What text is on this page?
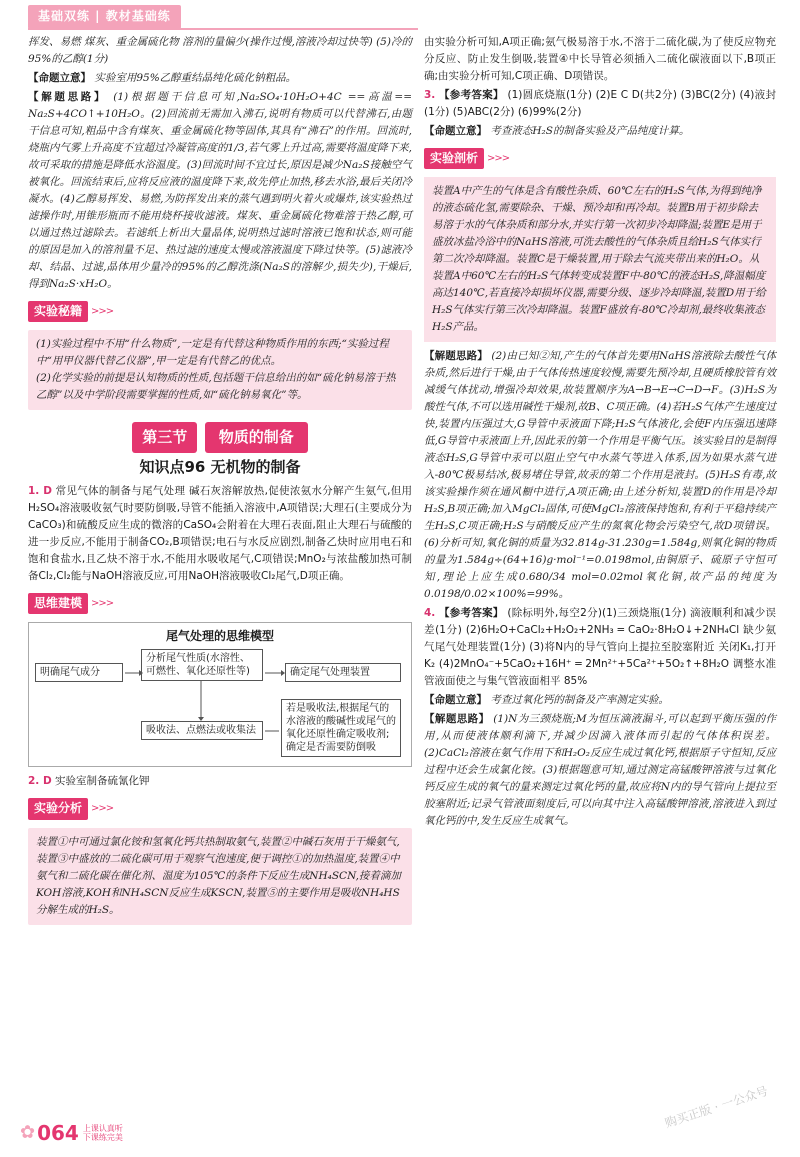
基础双练 | 教材基础练
挥发、易燃 煤灰、重金属硫化物 溶剂的量偏少(操作过慢,溶液冷却过快等) (5)冷的95%的乙醇(1分)
【命题立意】 实验室用95%乙醇重结晶纯化硫化钠粗品。
【解题思路】 (1)根据题干信息可知,Na₂SO₄·10H₂O+4C ==高温== Na₂S+4CO↑+10H₂O。(2)回流前无需加入沸石,说明有物质可以代替沸石,由题干信息可知,粗品中含有煤灰、重金属硫化物等固体,其具有“沸石”的作用。回流时,烧瓶内气雾上升高度不宜超过冷凝管高度的1/3,若气雾上升过高,需要将温度降下来,故可采取的措施是降低水浴温度。(3)回流时间不宜过长,原因是减少Na₂S接触空气被氧化。回流结束后,应将反应液的温度降下来,故先停止加热,移去水浴,最后关闭冷凝水。(4)乙醇易挥发、易燃,为防挥发出来的蒸气遇到明火着火或爆炸,该实验热过滤操作时,用锥形瓶而不能用烧杯接收滤液。煤灰、重金属硫化物难溶于热乙醇,可以通过热过滤除去。若滤纸上析出大量晶体,说明热过滤时溶液已饱和状态,则可能的原因是加入的溶剂量不足、热过滤的速度太慢或溶液温度下降过快等。(5)滤液冷却、结晶、过滤,晶体用少量冷的95%的乙醇洗涤(Na₂S的溶解少,损失少),干燥后,得到Na₂S·xH₂O。
实验秘籍 >>>
(1)实验过程中不用“什么物质”,一定是有代替这种物质作用的东西;“实验过程中“用甲仪器代替乙仪器”,甲一定是有代替乙的优点。
(2)化学实验的前提是认知物质的性质,包括题干信息给出的如“硫化钠易溶于热乙醇”以及中学阶段需要掌握的性质,如“硫化钠易氧化”等。
第三节 物质的制备
知识点96 无机物的制备
1. D 常见气体的制备与尾气处理 碱石灰溶解放热,促使浓氨水分解产生氨气,但用H₂SO₄溶液吸收氨气时要防倒吸,导管不能插入溶液中,A项错误;大理石(主要成分为CaCO₃)和硫酸反应生成的微溶的CaSO₄会附着在大理石表面,阻止大理石与硫酸的进一步反应,不能用于制备CO₂,B项错误;电石与水反应剧烈,制备乙炔时应用电石和饱和食盐水,且乙炔不溶于水,不能用水吸收尾气,C项错误;MnO₂与浓盐酸加热可制备Cl₂,Cl₂能与NaOH溶液反应,可用NaOH溶液吸收Cl₂尾气,D项正确。
思维建模 >>>
尾气处理的思维模型
明确尾气成分
分析尾气性质(水溶性、可燃性、氧化还原性等)	确定尾气处理装置
吸收法、点燃法或收集法
若是吸收法,根据尾气的水溶液的酸碱性或尾气的氧化还原性确定吸收剂;确定是否需要防倒吸
2. D 实验室制备硫氰化钾
实验分析 >>>
装置①中可通过氯化铵和氢氧化钙共热制取氨气,装置②中碱石灰用于干燥氨气,装置③中盛放的二硫化碳可用于观察气泡速度,便于调控①的加热温度,装置④中氨气和二硫化碳在催化剂、温度为105℃的条件下反应生成NH₄SCN,接着滴加KOH溶液,KOH和NH₄SCN反应生成KSCN,装置⑤的主要作用是吸收NH₄HS分解生成的H₂S。
由实验分析可知,A项正确;氨气极易溶于水,不溶于二硫化碳,为了使反应物充分反应、防止发生倒吸,装置④中长导管必须插入二硫化碳液面以下,B项正确;由实验分析可知,C项正确、D项错误。
3. 【参考答案】 (1)圆底烧瓶(1分) (2)E C D(共2分) (3)BC(2分) (4)液封(1分) (5)ABC(2分) (6)99%(2分)
【命题立意】 考查液态H₂S的制备实验及产品纯度计算。
实验剖析 >>>
装置A中产生的气体是含有酸性杂质、60℃左右的H₂S气体,为得到纯净的液态硫化氢,需要除杂、干燥、预冷却和再冷却。装置B用于初步除去易溶于水的气体杂质和部分水,并实行第一次初步冷却降温;装置E是用于盛放冰盐冷浴中的NaHS溶液,可洗去酸性的气体杂质且给H₂S气体实行第二次冷却降温。装置C是干燥装置,用于除去气流夹带出来的H₂O。从装置A中60℃左右的H₂S气体转变成装置F中-80℃的液态H₂S,降温幅度高达140℃,若直接冷却损坏仪器,需要分级、逐步冷却降温,装置D用于给H₂S气体实行第三次冷却降温。装置F盛放有-80℃冷却剂,最终收集液态H₂S产品。
【解题思路】 (2)由已知②知,产生的气体首先要用NaHS溶液除去酸性气体杂质,然后进行干燥,由于气体传热速度较慢,需要先预冷却,且硬质橡胶管有效减缓气体扰动,增强冷却效果,故装置顺序为A→B→E→C→D→F。(3)H₂S为酸性气体,不可以选用碱性干燥剂,故B、C项正确。(4)若H₂S气体产生速度过快,装置内压强过大,G导管中汞液面下降;H₂S气体液化,会使F内压强迅速降低,G导管中汞液面上升,因此汞的第一个作用是平衡气压。该实验目的是制得液态H₂S,G导管中汞可以阻止空气中水蒸气等进入体系,因为如果水蒸气进入-80℃极易结冰,极易堵住导管,故汞的第二个作用是液封。(5)H₂S有毒,故该实验操作须在通风橱中进行,A项正确;由上述分析知,装置D的作用是冷却H₂S,B项正确;加入MgCl₂固体,可使MgCl₂溶液保持饱和,有利于平稳持续产生H₂S,C项正确;H₂S与硝酸反应产生的氮氧化物会污染空气,故D项错误。(6)分析可知,氧化铜的质量为32.814g-31.230g=1.584g,则氧化铜的物质的量为1.584g÷(64+16)g·mol⁻¹=0.0198mol,由铜原子、硫原子守恒可知,理论上应生成0.680/34 mol=0.02mol氧化铜,故产品的纯度为0.0198/0.02×100%=99%。
4. 【参考答案】 (除标明外,每空2分)(1)三颈烧瓶(1分) 滴液顺利和减少误差(1分) (2)6H₂O+CaCl₂+H₂O₂+2NH₃ ═ CaO₂·8H₂O↓+2NH₄Cl 缺少氨气尾气处理装置(1分) (3)将N内的导气管向上提拉至胶塞附近 关闭K₁,打开K₂ (4)2MnO₄⁻+5CaO₂+16H⁺ ═ 2Mn²⁺+5Ca²⁺+5O₂↑+8H₂O 调整水准管液面使之与集气管液面相平 85%
【命题立意】 考查过氧化钙的制备及产率测定实验。
【解题思路】 (1)N为三颈烧瓶;M为恒压滴液漏斗,可以起到平衡压强的作用,从而使液体顺利滴下,并减少因滴入液体而引起的气体体积误差。(2)CaCl₂溶液在氨气作用下和H₂O₂反应生成过氧化钙,根据原子守恒知,反应过程中还会生成氯化铵。(3)根据题意可知,通过测定高锰酸钾溶液与过氧化钙反应生成的氧气的量来测定过氧化钙的量,故应将N内的导气管向上提拉至胶塞附近;记录气管液面刻度后,可以向其中注入高锰酸钾溶液,溶液进入到过氧化钙的中,发生反应生成氧气。
购买正版 · 一公众号
✿ 064 上课认真听
下课练完美
